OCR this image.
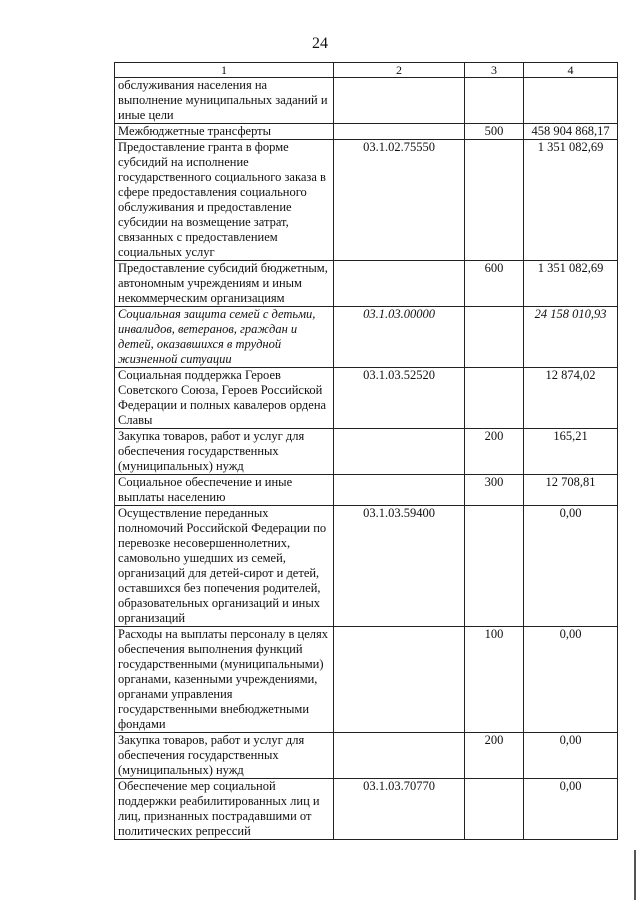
24
1	2	3	4
обслуживания населения на выполнение муниципальных заданий и иные цели			
Межбюджетные трансферты		500	458 904 868,17
Предоставление гранта в форме субсидий на исполнение государственного социального заказа в сфере предоставления социального обслуживания и предоставление субсидии на возмещение затрат, связанных с предоставлением социальных услуг	03.1.02.75550		1 351 082,69
Предоставление субсидий бюджетным, автономным учреждениям и иным некоммерческим организациям		600	1 351 082,69
Социальная защита семей с детьми, инвалидов, ветеранов, граждан и детей, оказавшихся в трудной жизненной ситуации	03.1.03.00000		24 158 010,93
Социальная поддержка Героев Советского Союза, Героев Российской Федерации и полных кавалеров ордена Славы	03.1.03.52520		12 874,02
Закупка товаров, работ и услуг для обеспечения государственных (муниципальных) нужд		200	165,21
Социальное обеспечение и иные выплаты населению		300	12 708,81
Осуществление переданных полномочий Российской Федерации по перевозке несовершеннолетних, самовольно ушедших из семей, организаций для детей-сирот и детей, оставшихся без попечения родителей, образовательных организаций и иных организаций	03.1.03.59400		0,00
Расходы на выплаты персоналу в целях обеспечения выполнения функций государственными (муниципальными) органами, казенными учреждениями, органами управления государственными внебюджетными фондами		100	0,00
Закупка товаров, работ и услуг для обеспечения государственных (муниципальных) нужд		200	0,00
Обеспечение мер социальной поддержки реабилитированных лиц и лиц, признанных пострадавшими от политических репрессий	03.1.03.70770		0,00
